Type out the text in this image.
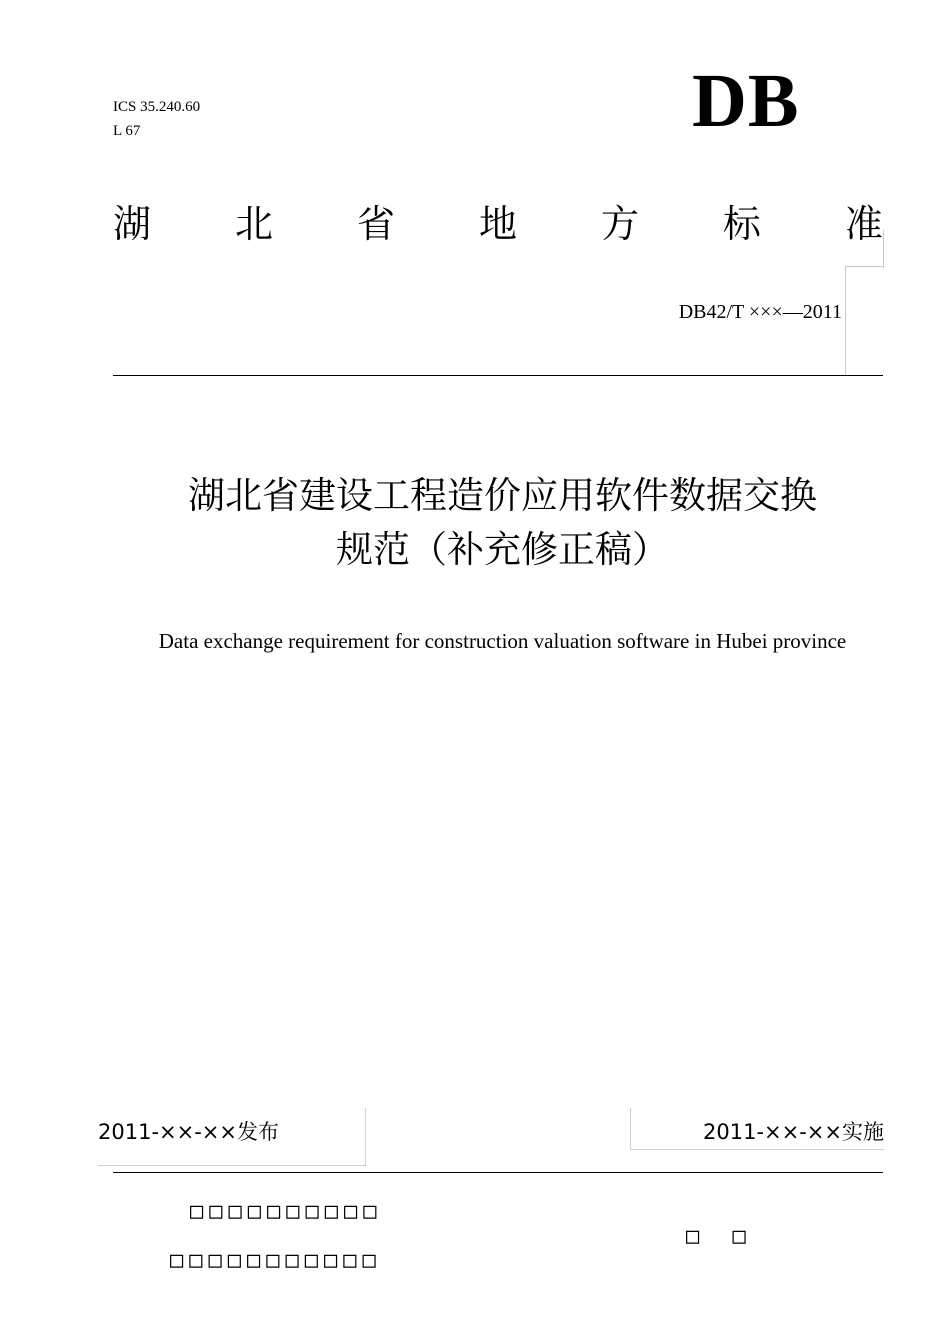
ICS 35.240.60
L 67	DB
湖 北 省 地 方 标 准
DB42/T ×××—2011
湖北省建设工程造价应用软件数据交换
规范（补充修正稿）
Data exchange requirement for construction valuation software in Hubei province
2011-××-××发布	2011-××-××实施
□□□□□□□□□□
□□□□□□□□□□□
□ □
